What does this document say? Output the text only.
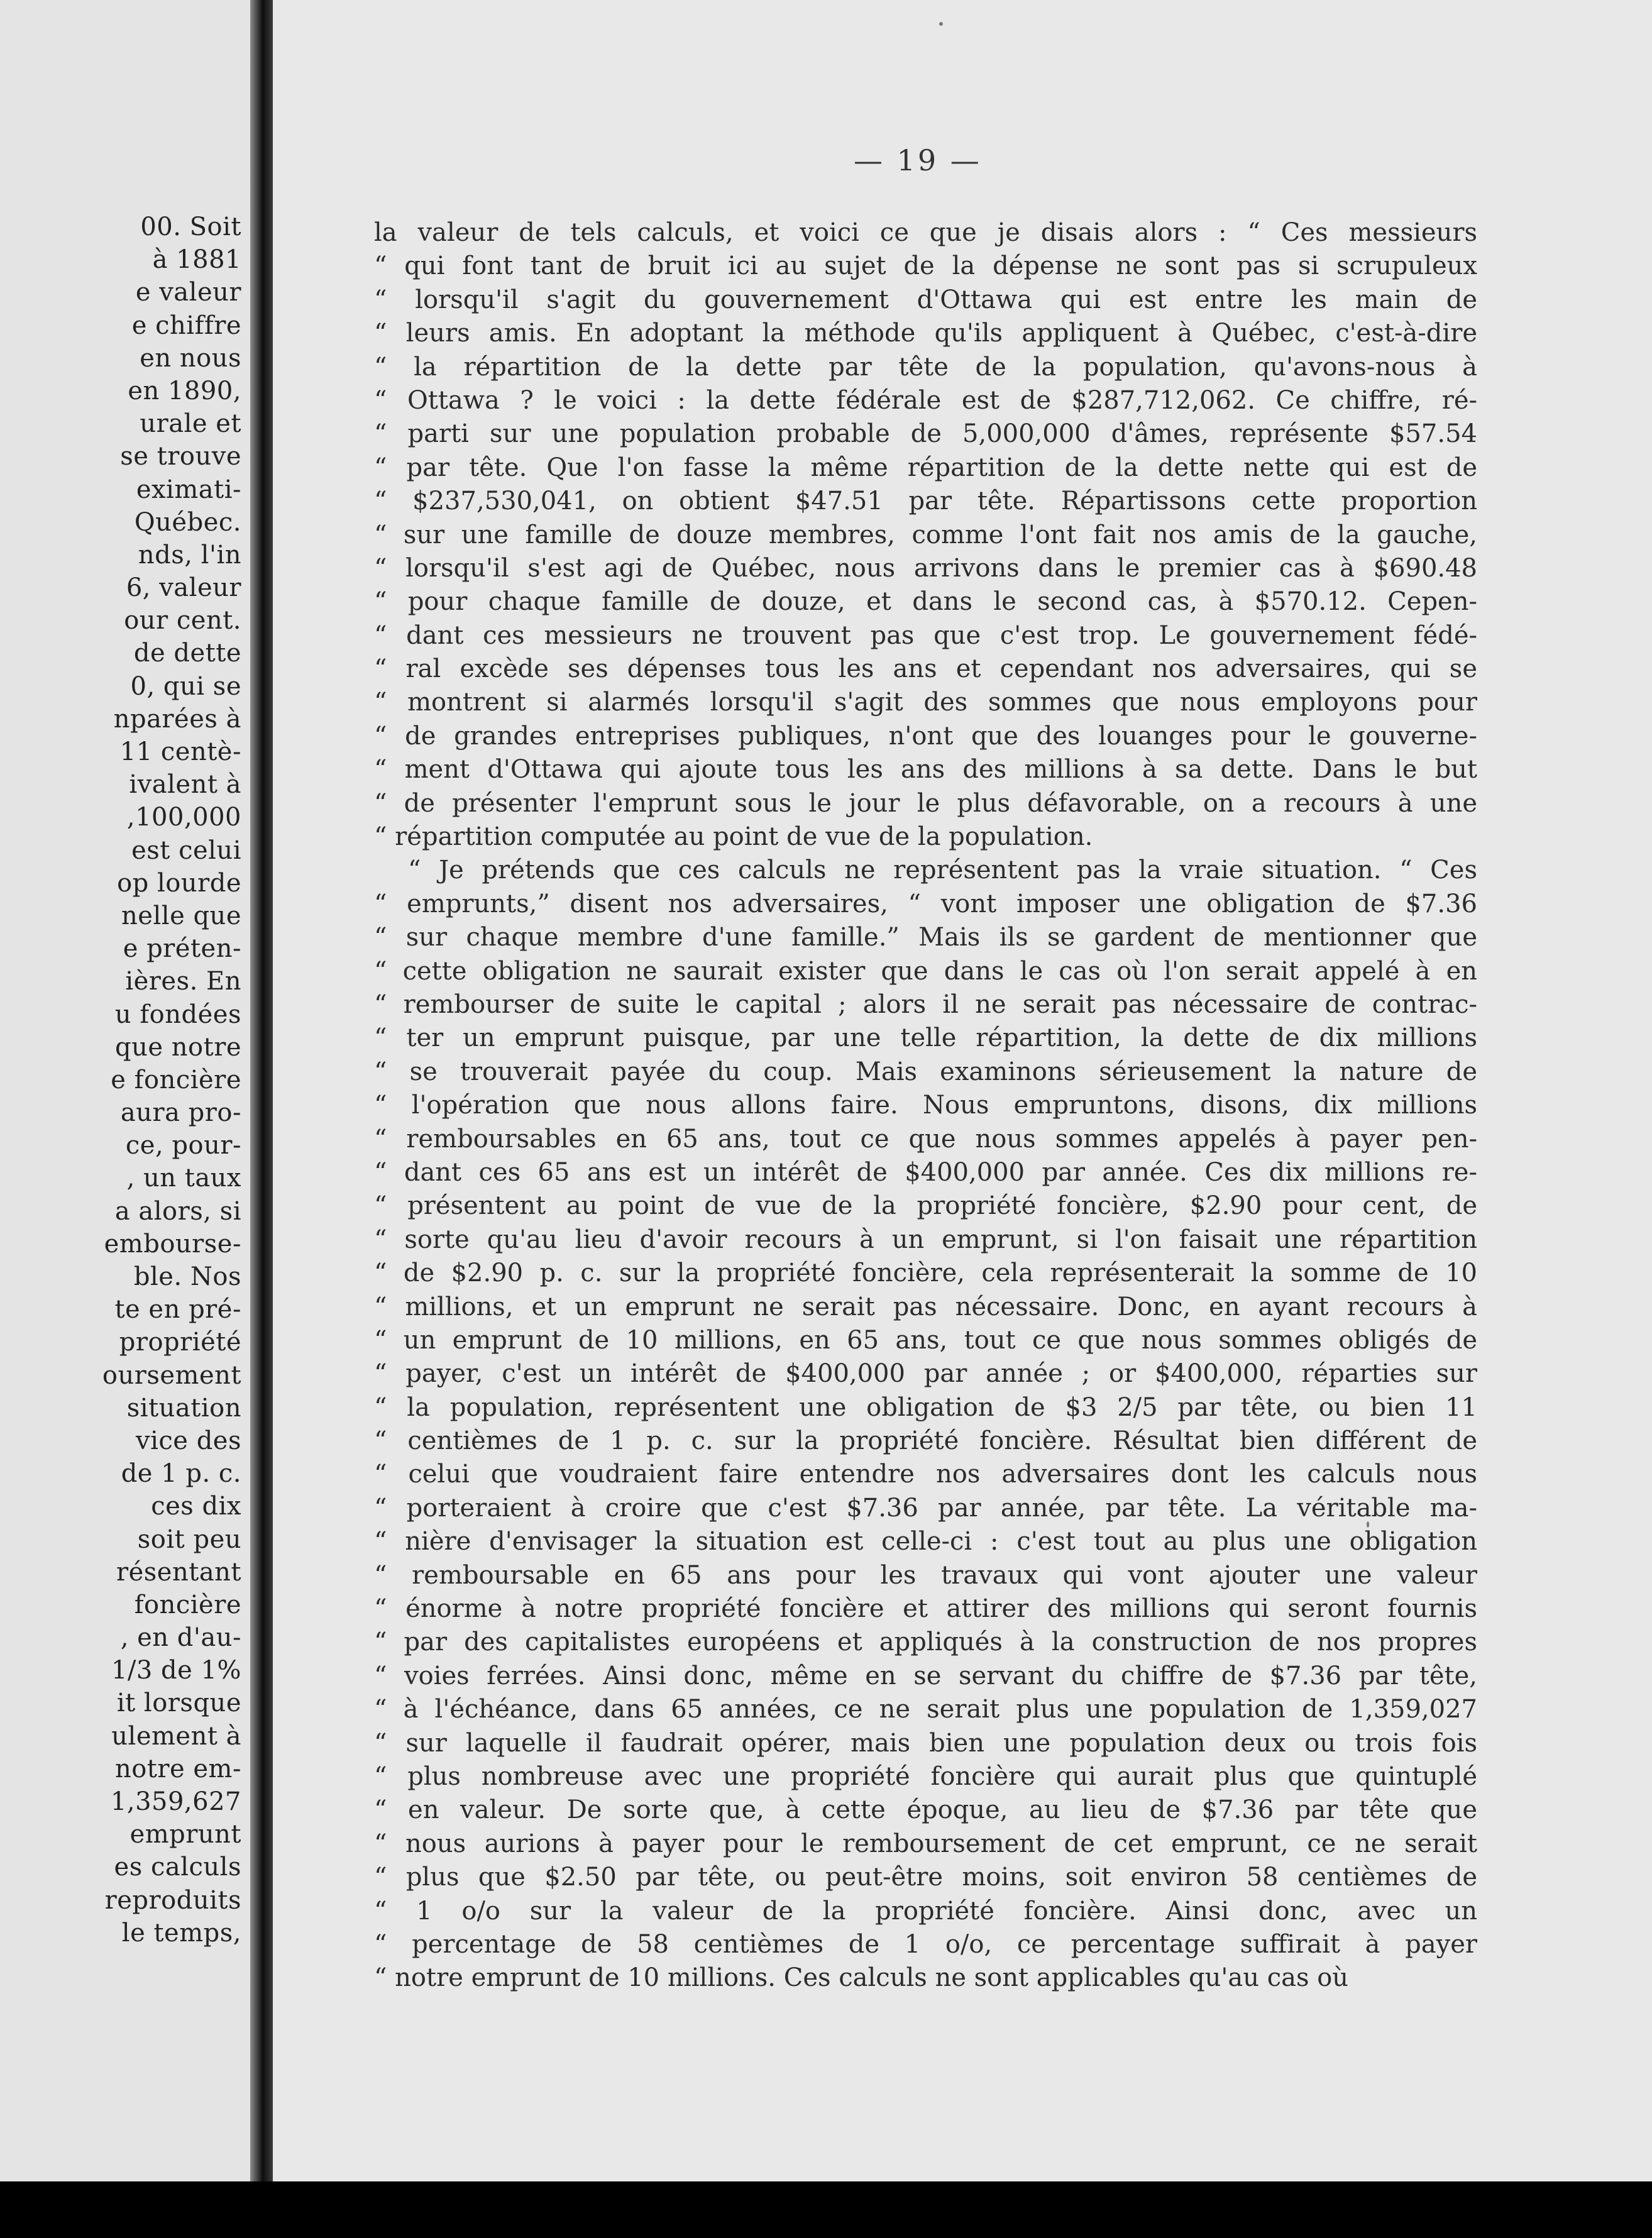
00. Soit
à 1881
e valeur
e chiffre
en nous
en 1890,
urale et
se trouve
eximati-
Québec.
nds, l'in
6, valeur
our cent.
de dette
0, qui se
nparées à
11 centè-
ivalent à
,100,000
est celui
op lourde
nelle que
e préten-
ières. En
u fondées
que notre
e foncière
aura pro-
ce, pour-
, un taux
a alors, si
embourse-
ble. Nos
te en pré-
propriété
oursement
situation
vice des
de 1 p. c.
ces dix
soit peu
résentant
foncière
, en d'au-
1/3 de 1%
it lorsque
ulement à
notre em-
1,359,627
emprunt
es calculs
reproduits
le temps,
— 19 —
la valeur de tels calculs, et voici ce que je disais alors : “ Ces messieurs
“ qui font tant de bruit ici au sujet de la dépense ne sont pas si scrupuleux
“ lorsqu'il s'agit du gouvernement d'Ottawa qui est entre les main de
“ leurs amis. En adoptant la méthode qu'ils appliquent à Québec, c'est-à-dire
“ la répartition de la dette par tête de la population, qu'avons-nous à
“ Ottawa ? le voici : la dette fédérale est de $287,712,062. Ce chiffre, ré-
“ parti sur une population probable de 5,000,000 d'âmes, représente $57.54
“ par tête. Que l'on fasse la même répartition de la dette nette qui est de
“ $237,530,041, on obtient $47.51 par tête. Répartissons cette proportion
“ sur une famille de douze membres, comme l'ont fait nos amis de la gauche,
“ lorsqu'il s'est agi de Québec, nous arrivons dans le premier cas à $690.48
“ pour chaque famille de douze, et dans le second cas, à $570.12. Cepen-
“ dant ces messieurs ne trouvent pas que c'est trop. Le gouvernement fédé-
“ ral excède ses dépenses tous les ans et cependant nos adversaires, qui se
“ montrent si alarmés lorsqu'il s'agit des sommes que nous employons pour
“ de grandes entreprises publiques, n'ont que des louanges pour le gouverne-
“ ment d'Ottawa qui ajoute tous les ans des millions à sa dette. Dans le but
“ de présenter l'emprunt sous le jour le plus défavorable, on a recours à une
“ répartition computée au point de vue de la population.
“ Je prétends que ces calculs ne représentent pas la vraie situation. “ Ces
“ emprunts,” disent nos adversaires, “ vont imposer une obligation de $7.36
“ sur chaque membre d'une famille.” Mais ils se gardent de mentionner que
“ cette obligation ne saurait exister que dans le cas où l'on serait appelé à en
“ rembourser de suite le capital ; alors il ne serait pas nécessaire de contrac-
“ ter un emprunt puisque, par une telle répartition, la dette de dix millions
“ se trouverait payée du coup. Mais examinons sérieusement la nature de
“ l'opération que nous allons faire. Nous empruntons, disons, dix millions
“ remboursables en 65 ans, tout ce que nous sommes appelés à payer pen-
“ dant ces 65 ans est un intérêt de $400,000 par année. Ces dix millions re-
“ présentent au point de vue de la propriété foncière, $2.90 pour cent, de
“ sorte qu'au lieu d'avoir recours à un emprunt, si l'on faisait une répartition
“ de $2.90 p. c. sur la propriété foncière, cela représenterait la somme de 10
“ millions, et un emprunt ne serait pas nécessaire. Donc, en ayant recours à
“ un emprunt de 10 millions, en 65 ans, tout ce que nous sommes obligés de
“ payer, c'est un intérêt de $400,000 par année ; or $400,000, réparties sur
“ la population, représentent une obligation de $3 2/5 par tête, ou bien 11
“ centièmes de 1 p. c. sur la propriété foncière. Résultat bien différent de
“ celui que voudraient faire entendre nos adversaires dont les calculs nous
“ porteraient à croire que c'est $7.36 par année, par tête. La véritable ma-
“ nière d'envisager la situation est celle-ci : c'est tout au plus une obligation
“ remboursable en 65 ans pour les travaux qui vont ajouter une valeur
“ énorme à notre propriété foncière et attirer des millions qui seront fournis
“ par des capitalistes européens et appliqués à la construction de nos propres
“ voies ferrées. Ainsi donc, même en se servant du chiffre de $7.36 par tête,
“ à l'échéance, dans 65 années, ce ne serait plus une population de 1,359,027
“ sur laquelle il faudrait opérer, mais bien une population deux ou trois fois
“ plus nombreuse avec une propriété foncière qui aurait plus que quintuplé
“ en valeur. De sorte que, à cette époque, au lieu de $7.36 par tête que
“ nous aurions à payer pour le remboursement de cet emprunt, ce ne serait
“ plus que $2.50 par tête, ou peut-être moins, soit environ 58 centièmes de
“ 1 o/o sur la valeur de la propriété foncière. Ainsi donc, avec un
“ percentage de 58 centièmes de 1 o/o, ce percentage suffirait à payer
“ notre emprunt de 10 millions. Ces calculs ne sont applicables qu'au cas où
